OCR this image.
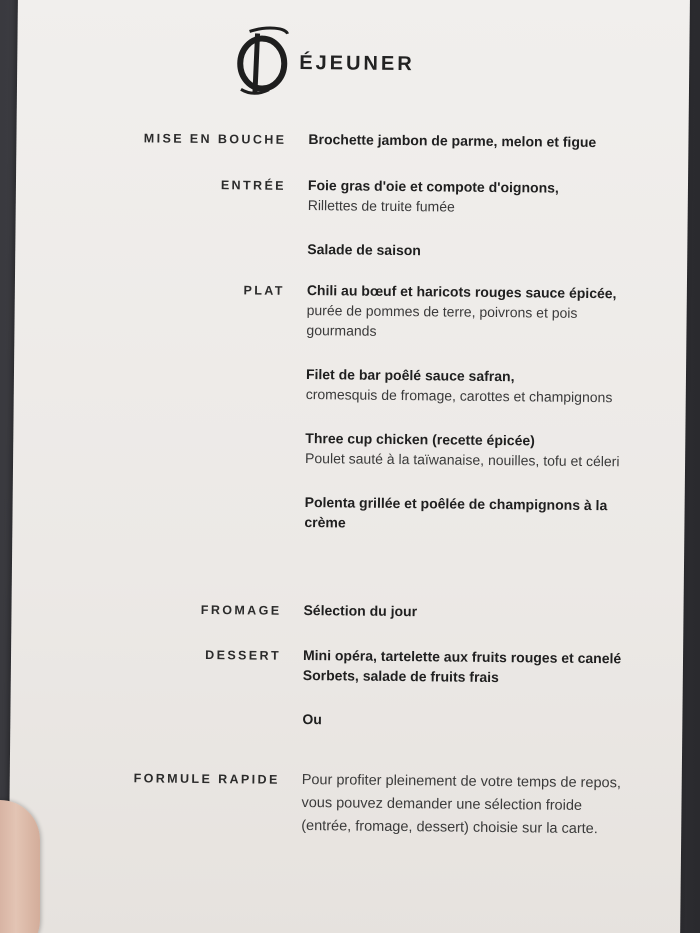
ÉJEUNER
MISE EN BOUCHE Brochette jambon de parme, melon et figue
ENTRÉE Foie gras d'oie et compote d'oignons,
Rillettes de truite fumée
Salade de saison
PLAT Chili au bœuf et haricots rouges sauce épicée,
purée de pommes de terre, poivrons et pois gourmands
Filet de bar poêlé sauce safran,
cromesquis de fromage, carottes et champignons
Three cup chicken (recette épicée)
Poulet sauté à la taïwanaise, nouilles, tofu et céleri
Polenta grillée et poêlée de champignons à la crème
FROMAGE Sélection du jour
DESSERT Mini opéra, tartelette aux fruits rouges et canelé
Sorbets, salade de fruits frais
Ou
FORMULE RAPIDE Pour profiter pleinement de votre temps de repos, vous pouvez demander une sélection froide (entrée, fromage, dessert) choisie sur la carte.
